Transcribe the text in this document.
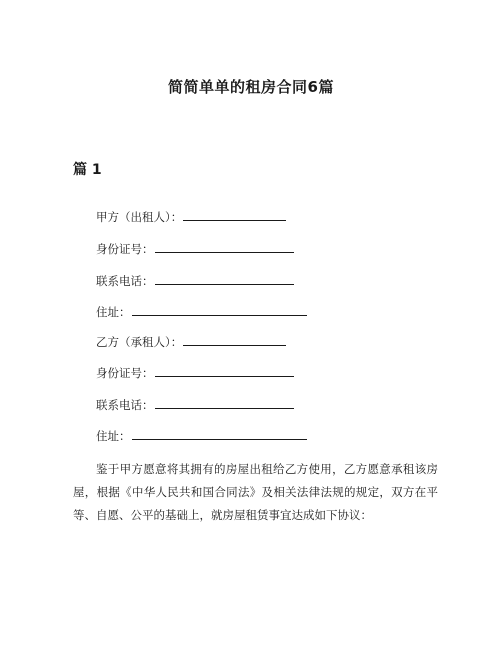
简简单单的租房合同6篇
篇 1
甲方（出租人）：
身份证号：
联系电话：
住址：
乙方（承租人）：
身份证号：
联系电话：
住址：
鉴于甲方愿意将其拥有的房屋出租给乙方使用，乙方愿意承租该房屋，根据《中华人民共和国合同法》及相关法律法规的规定，双方在平等、自愿、公平的基础上，就房屋租赁事宜达成如下协议：
